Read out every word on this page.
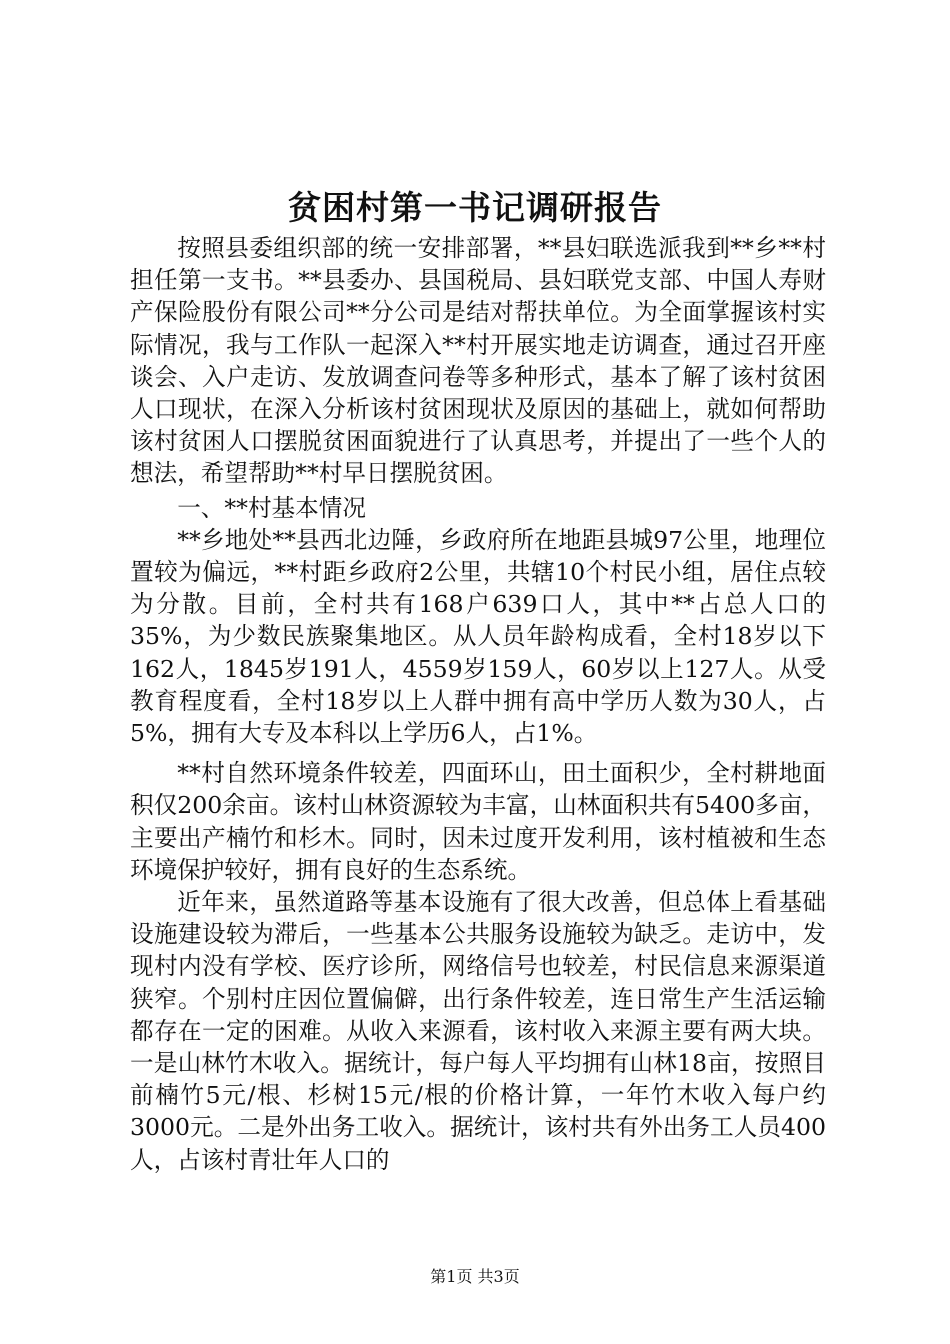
贫困村第一书记调研报告

按照县委组织部的统一安排部署，**县妇联选派我到**乡**村担任第一支书。**县委办、县国税局、县妇联党支部、中国人寿财产保险股份有限公司**分公司是结对帮扶单位。为全面掌握该村实际情况，我与工作队一起深入**村开展实地走访调查，通过召开座谈会、入户走访、发放调查问卷等多种形式，基本了解了该村贫困人口现状，在深入分析该村贫困现状及原因的基础上，就如何帮助该村贫困人口摆脱贫困面貌进行了认真思考，并提出了一些个人的想法，希望帮助**村早日摆脱贫困。

一、**村基本情况

**乡地处**县西北边陲，乡政府所在地距县城97公里，地理位置较为偏远，**村距乡政府2公里，共辖10个村民小组，居住点较为分散。目前，全村共有168户639口人，其中**占总人口的35%，为少数民族聚集地区。从人员年龄构成看，全村18岁以下162人，1845岁191人，4559岁159人，60岁以上127人。从受教育程度看，全村18岁以上人群中拥有高中学历人数为30人，占5%，拥有大专及本科以上学历6人，占1%。

**村自然环境条件较差，四面环山，田土面积少，全村耕地面积仅200余亩。该村山林资源较为丰富，山林面积共有5400多亩，主要出产楠竹和杉木。同时，因未过度开发利用，该村植被和生态环境保护较好，拥有良好的生态系统。

近年来，虽然道路等基本设施有了很大改善，但总体上看基础设施建设较为滞后，一些基本公共服务设施较为缺乏。走访中，发现村内没有学校、医疗诊所，网络信号也较差，村民信息来源渠道狭窄。个别村庄因位置偏僻，出行条件较差，连日常生产生活运输都存在一定的困难。从收入来源看，该村收入来源主要有两大块。一是山林竹木收入。据统计，每户每人平均拥有山林18亩，按照目前楠竹5元/根、杉树15元/根的价格计算，一年竹木收入每户约3000元。二是外出务工收入。据统计，该村共有外出务工人员400人，占该村青壮年人口的

第1页 共3页
